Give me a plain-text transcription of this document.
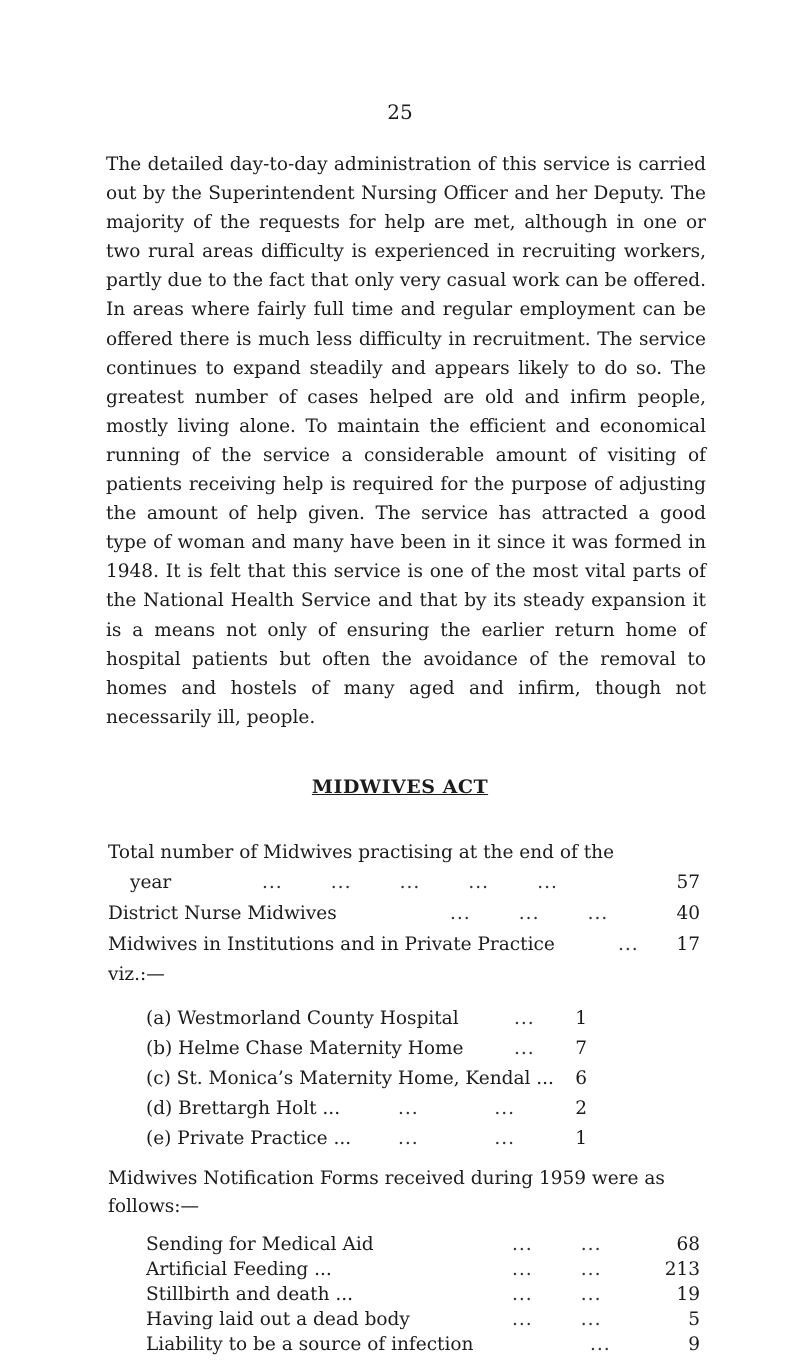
25

The detailed day-to-day administration of this service is carried out by the Superintendent Nursing Officer and her Deputy. The majority of the requests for help are met, although in one or two rural areas difficulty is experienced in recruiting workers, partly due to the fact that only very casual work can be offered. In areas where fairly full time and regular employment can be offered there is much less difficulty in recruitment. The service continues to expand steadily and appears likely to do so. The greatest number of cases helped are old and infirm people, mostly living alone. To maintain the efficient and economical running of the service a considerable amount of visiting of patients receiving help is required for the purpose of adjusting the amount of help given. The service has attracted a good type of woman and many have been in it since it was formed in 1948. It is felt that this service is one of the most vital parts of the National Health Service and that by its steady expansion it is a means not only of ensuring the earlier return home of hospital patients but often the avoidance of the removal to homes and hostels of many aged and infirm, though not necessarily ill, people.

MIDWIVES ACT
Total number of Midwives practising at the end of the
year	...       ...       ...       ...       ...	57
District Nurse Midwives	...       ...       ...	40
Midwives in Institutions and in Private Practice	...	17
viz.:—
(a) Westmorland County Hospital	...	1
(b) Helme Chase Maternity Home	...	7
(c) St. Monica’s Maternity Home, Kendal ...	6
(d) Brettargh Holt ...	...           ...	2
(e) Private Practice ...	...           ...	1
Midwives Notification Forms received during 1959 were as
follows:—
Sending for Medical Aid	...       ...	68
Artificial Feeding ...	...       ...	213
Stillbirth and death ...	...       ...	19
Having laid out a dead body	...       ...	5
Liability to be a source of infection	...	9
